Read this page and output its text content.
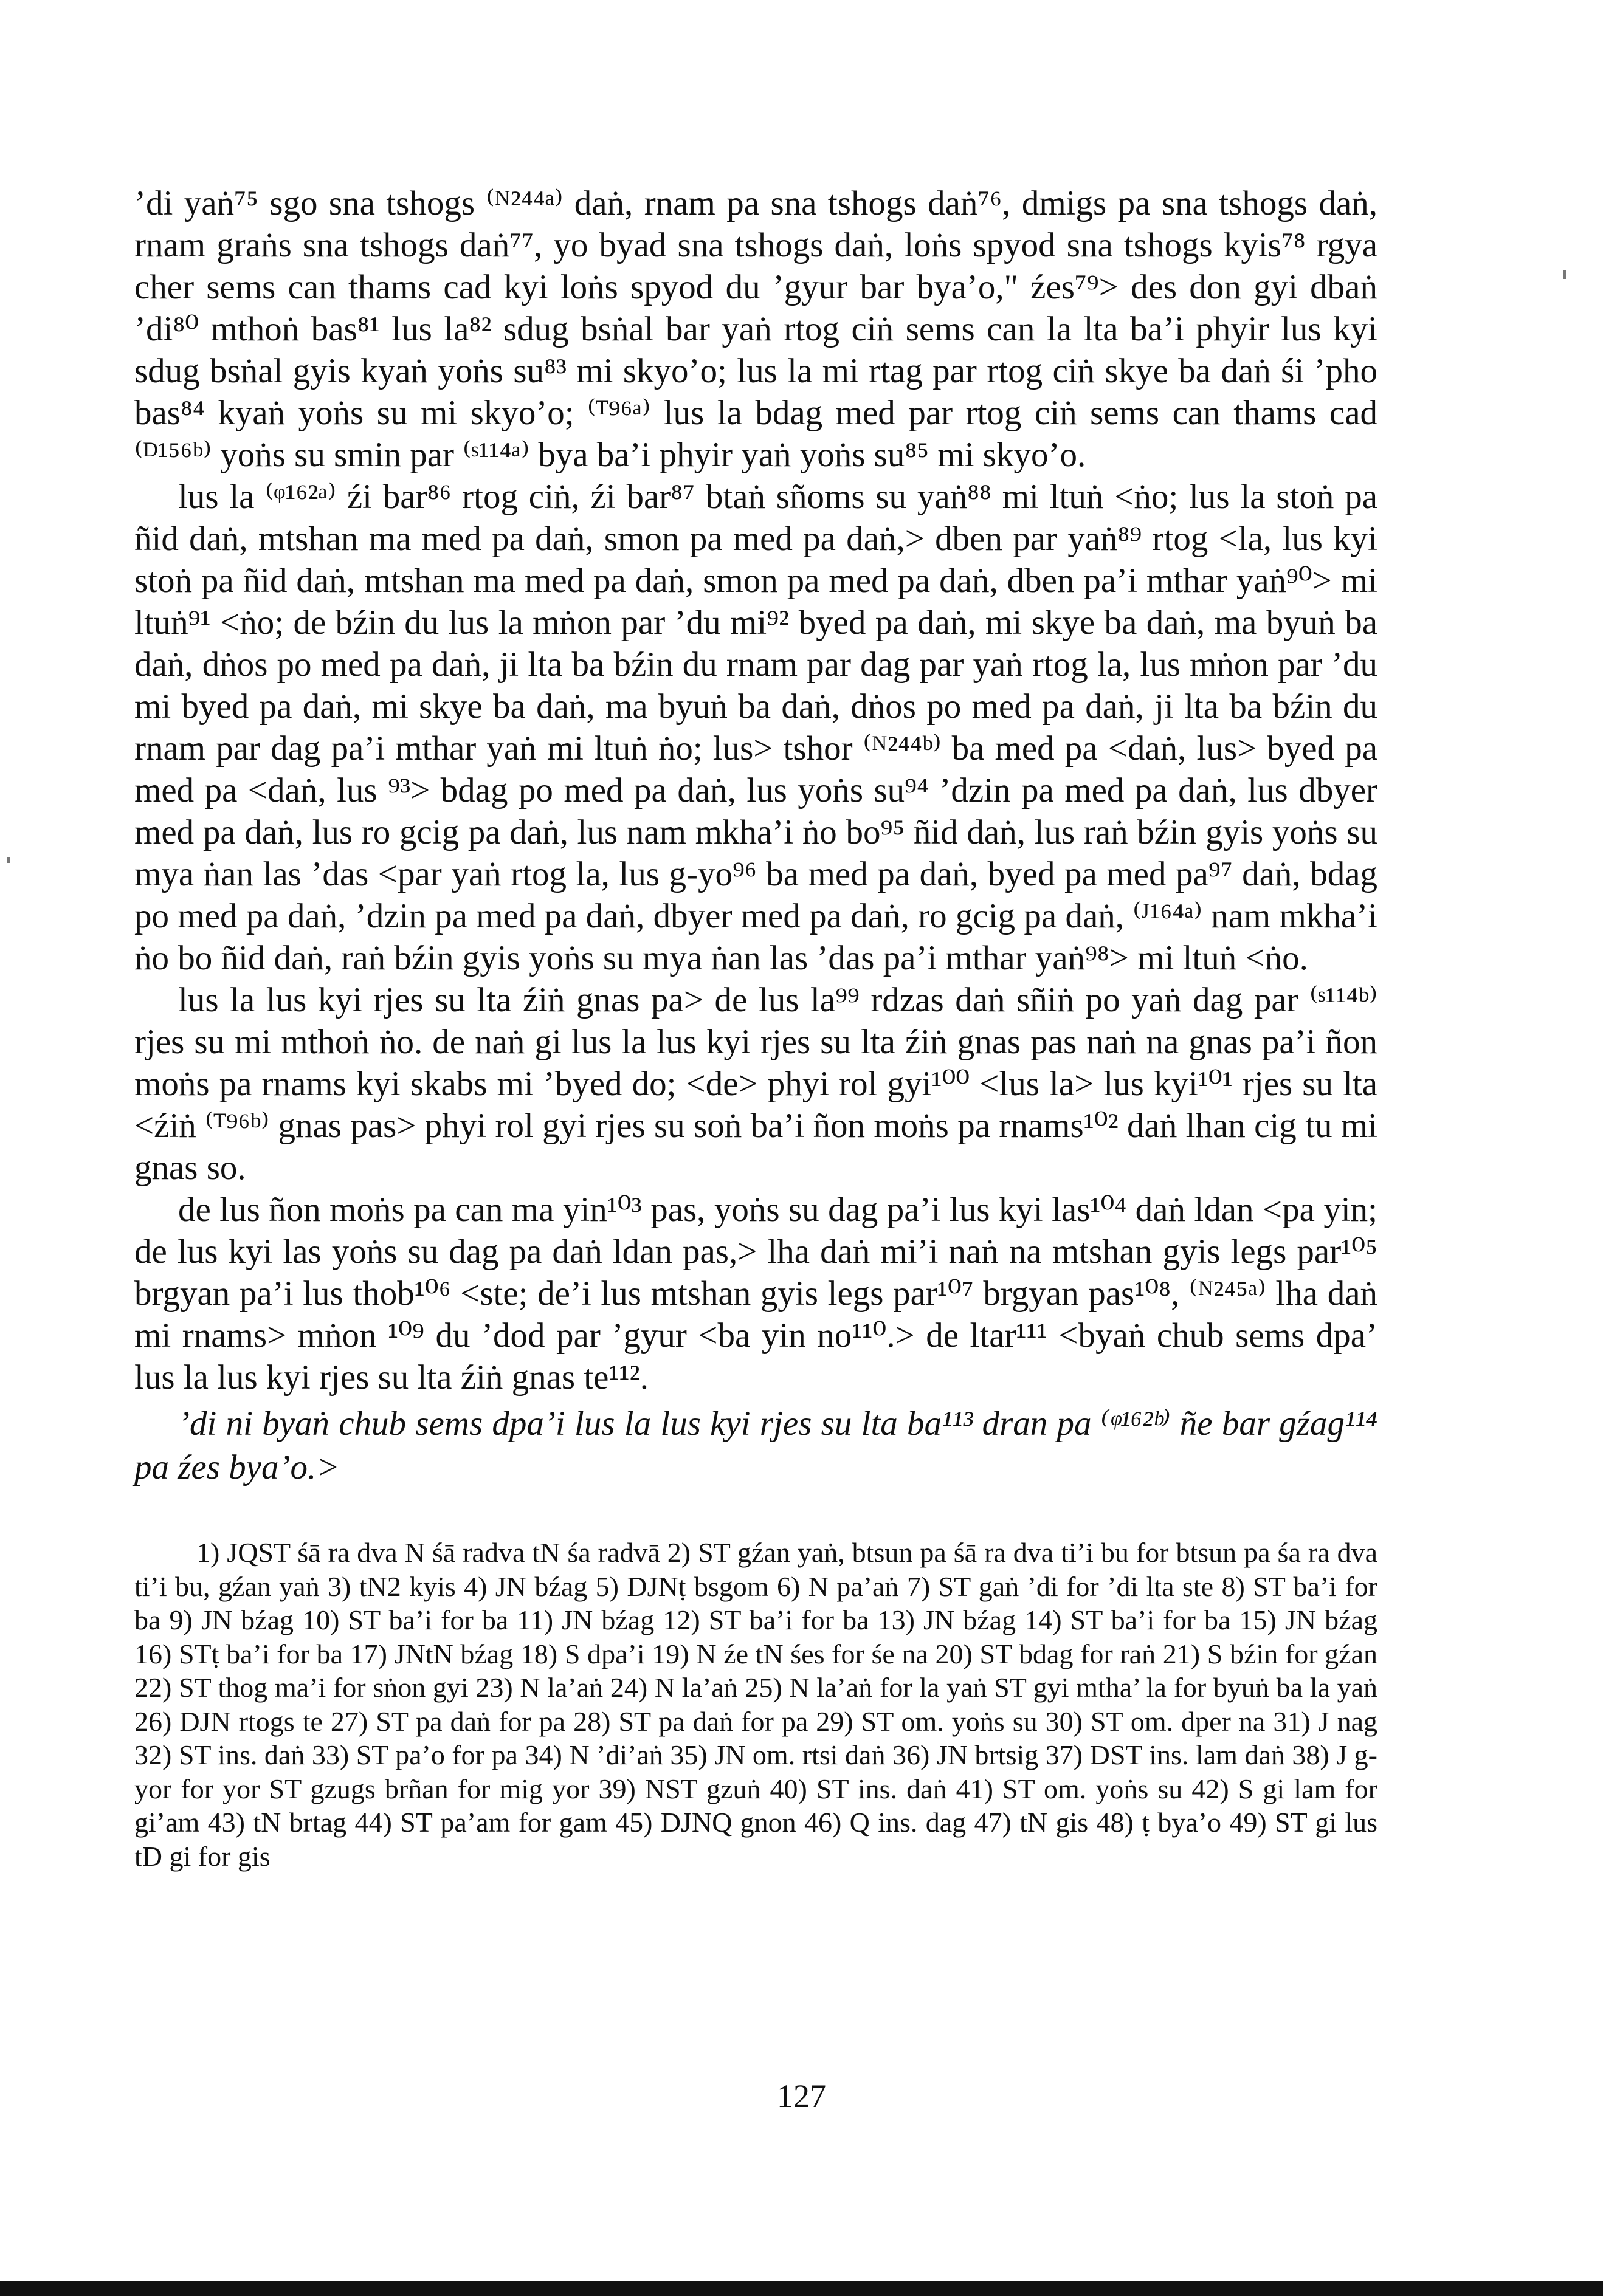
’di yaṅ⁷⁵ sgo sna tshogs ⁽ᴺ²⁴⁴ᵃ⁾ daṅ, rnam pa sna tshogs daṅ⁷⁶, dmigs pa sna tshogs daṅ, rnam graṅs sna tshogs daṅ⁷⁷, yo byad sna tshogs daṅ, loṅs spyod sna tshogs kyis⁷⁸ rgya cher sems can thams cad kyi loṅs spyod du ’gyur bar bya’o," źes⁷⁹> des don gyi dbaṅ ’di⁸⁰ mthoṅ bas⁸¹ lus la⁸² sdug bsṅal bar yaṅ rtog ciṅ sems can la lta ba’i phyir lus kyi sdug bsṅal gyis kyaṅ yoṅs su⁸³ mi skyo’o; lus la mi rtag par rtog ciṅ skye ba daṅ śi ’pho bas⁸⁴ kyaṅ yoṅs su mi skyo’o; ⁽ᵀ⁹⁶ᵃ⁾ lus la bdag med par rtog ciṅ sems can thams cad ⁽ᴰ¹⁵⁶ᵇ⁾ yoṅs su smin par ⁽ˢ¹¹⁴ᵃ⁾ bya ba’i phyir yaṅ yoṅs su⁸⁵ mi skyo’o.

lus la ⁽ᵠ¹⁶²ᵃ⁾ źi bar⁸⁶ rtog ciṅ, źi bar⁸⁷ btaṅ sñoms su yaṅ⁸⁸ mi ltuṅ <ṅo; lus la stoṅ pa ñid daṅ, mtshan ma med pa daṅ, smon pa med pa daṅ,> dben par yaṅ⁸⁹ rtog <la, lus kyi stoṅ pa ñid daṅ, mtshan ma med pa daṅ, smon pa med pa daṅ, dben pa’i mthar yaṅ⁹⁰> mi ltuṅ⁹¹ <ṅo; de bźin du lus la mṅon par ’du mi⁹² byed pa daṅ, mi skye ba daṅ, ma byuṅ ba daṅ, dṅos po med pa daṅ, ji lta ba bźin du rnam par dag par yaṅ rtog la, lus mṅon par ’du mi byed pa daṅ, mi skye ba daṅ, ma byuṅ ba daṅ, dṅos po med pa daṅ, ji lta ba bźin du rnam par dag pa’i mthar yaṅ mi ltuṅ ṅo; lus> tshor ⁽ᴺ²⁴⁴ᵇ⁾ ba med pa <daṅ, lus> byed pa med pa <daṅ, lus ⁹³> bdag po med pa daṅ, lus yoṅs su⁹⁴ ’dzin pa med pa daṅ, lus dbyer med pa daṅ, lus ro gcig pa daṅ, lus nam mkha’i ṅo bo⁹⁵ ñid daṅ, lus raṅ bźin gyis yoṅs su mya ṅan las ’das <par yaṅ rtog la, lus g-yo⁹⁶ ba med pa daṅ, byed pa med pa⁹⁷ daṅ, bdag po med pa daṅ, ’dzin pa med pa daṅ, dbyer med pa daṅ, ro gcig pa daṅ, ⁽ᴶ¹⁶⁴ᵃ⁾ nam mkha’i ṅo bo ñid daṅ, raṅ bźin gyis yoṅs su mya ṅan las ’das pa’i mthar yaṅ⁹⁸> mi ltuṅ <ṅo.

lus la lus kyi rjes su lta źiṅ gnas pa> de lus la⁹⁹ rdzas daṅ sñiṅ po yaṅ dag par ⁽ˢ¹¹⁴ᵇ⁾ rjes su mi mthoṅ ṅo. de naṅ gi lus la lus kyi rjes su lta źiṅ gnas pas naṅ na gnas pa’i ñon moṅs pa rnams kyi skabs mi ’byed do; <de> phyi rol gyi¹⁰⁰ <lus la> lus kyi¹⁰¹ rjes su lta <źiṅ ⁽ᵀ⁹⁶ᵇ⁾ gnas pas> phyi rol gyi rjes su soṅ ba’i ñon moṅs pa rnams¹⁰² daṅ lhan cig tu mi gnas so.

de lus ñon moṅs pa can ma yin¹⁰³ pas, yoṅs su dag pa’i lus kyi las¹⁰⁴ daṅ ldan <pa yin; de lus kyi las yoṅs su dag pa daṅ ldan pas,> lha daṅ mi’i naṅ na mtshan gyis legs par¹⁰⁵ brgyan pa’i lus thob¹⁰⁶ <ste; de’i lus mtshan gyis legs par¹⁰⁷ brgyan pas¹⁰⁸, ⁽ᴺ²⁴⁵ᵃ⁾ lha daṅ mi rnams> mṅon ¹⁰⁹ du ’dod par ’gyur <ba yin no¹¹⁰.> de ltar¹¹¹ <byaṅ chub sems dpa’ lus la lus kyi rjes su lta źiṅ gnas te¹¹².

’di ni byaṅ chub sems dpa’i lus la lus kyi rjes su lta ba¹¹³ dran pa ⁽ᵠ¹⁶²ᵇ⁾ ñe bar gźag¹¹⁴ pa źes bya’o.>

1) JQST śā ra dva N śā radva tN śa radvā 2) ST gźan yaṅ, btsun pa śā ra dva ti’i bu for btsun pa śa ra dva ti’i bu, gźan yaṅ 3) tN2 kyis 4) JN bźag 5) DJNṭ bsgom 6) N pa’aṅ 7) ST gaṅ ’di for ’di lta ste 8) ST ba’i for ba 9) JN bźag 10) ST ba’i for ba 11) JN bźag 12) ST ba’i for ba 13) JN bźag 14) ST ba’i for ba 15) JN bźag 16) STṭ ba’i for ba 17) JNtN bźag 18) S dpa’i 19) N źe tN śes for śe na 20) ST bdag for raṅ 21) S bźin for gźan 22) ST thog ma’i for sṅon gyi 23) N la’aṅ 24) N la’aṅ 25) N la’aṅ for la yaṅ ST gyi mtha’ la for byuṅ ba la yaṅ 26) DJN rtogs te 27) ST pa daṅ for pa 28) ST pa daṅ for pa 29) ST om. yoṅs su 30) ST om. dper na 31) J nag 32) ST ins. daṅ 33) ST pa’o for pa 34) N ’di’aṅ 35) JN om. rtsi daṅ 36) JN brtsig 37) DST ins. lam daṅ 38) J g-yor for yor ST gzugs brñan for mig yor 39) NST gzuṅ 40) ST ins. daṅ 41) ST om. yoṅs su 42) S gi lam for gi’am 43) tN brtag 44) ST pa’am for gam 45) DJNQ gnon 46) Q ins. dag 47) tN gis 48) ṭ bya’o 49) ST gi lus tD gi for gis
127
